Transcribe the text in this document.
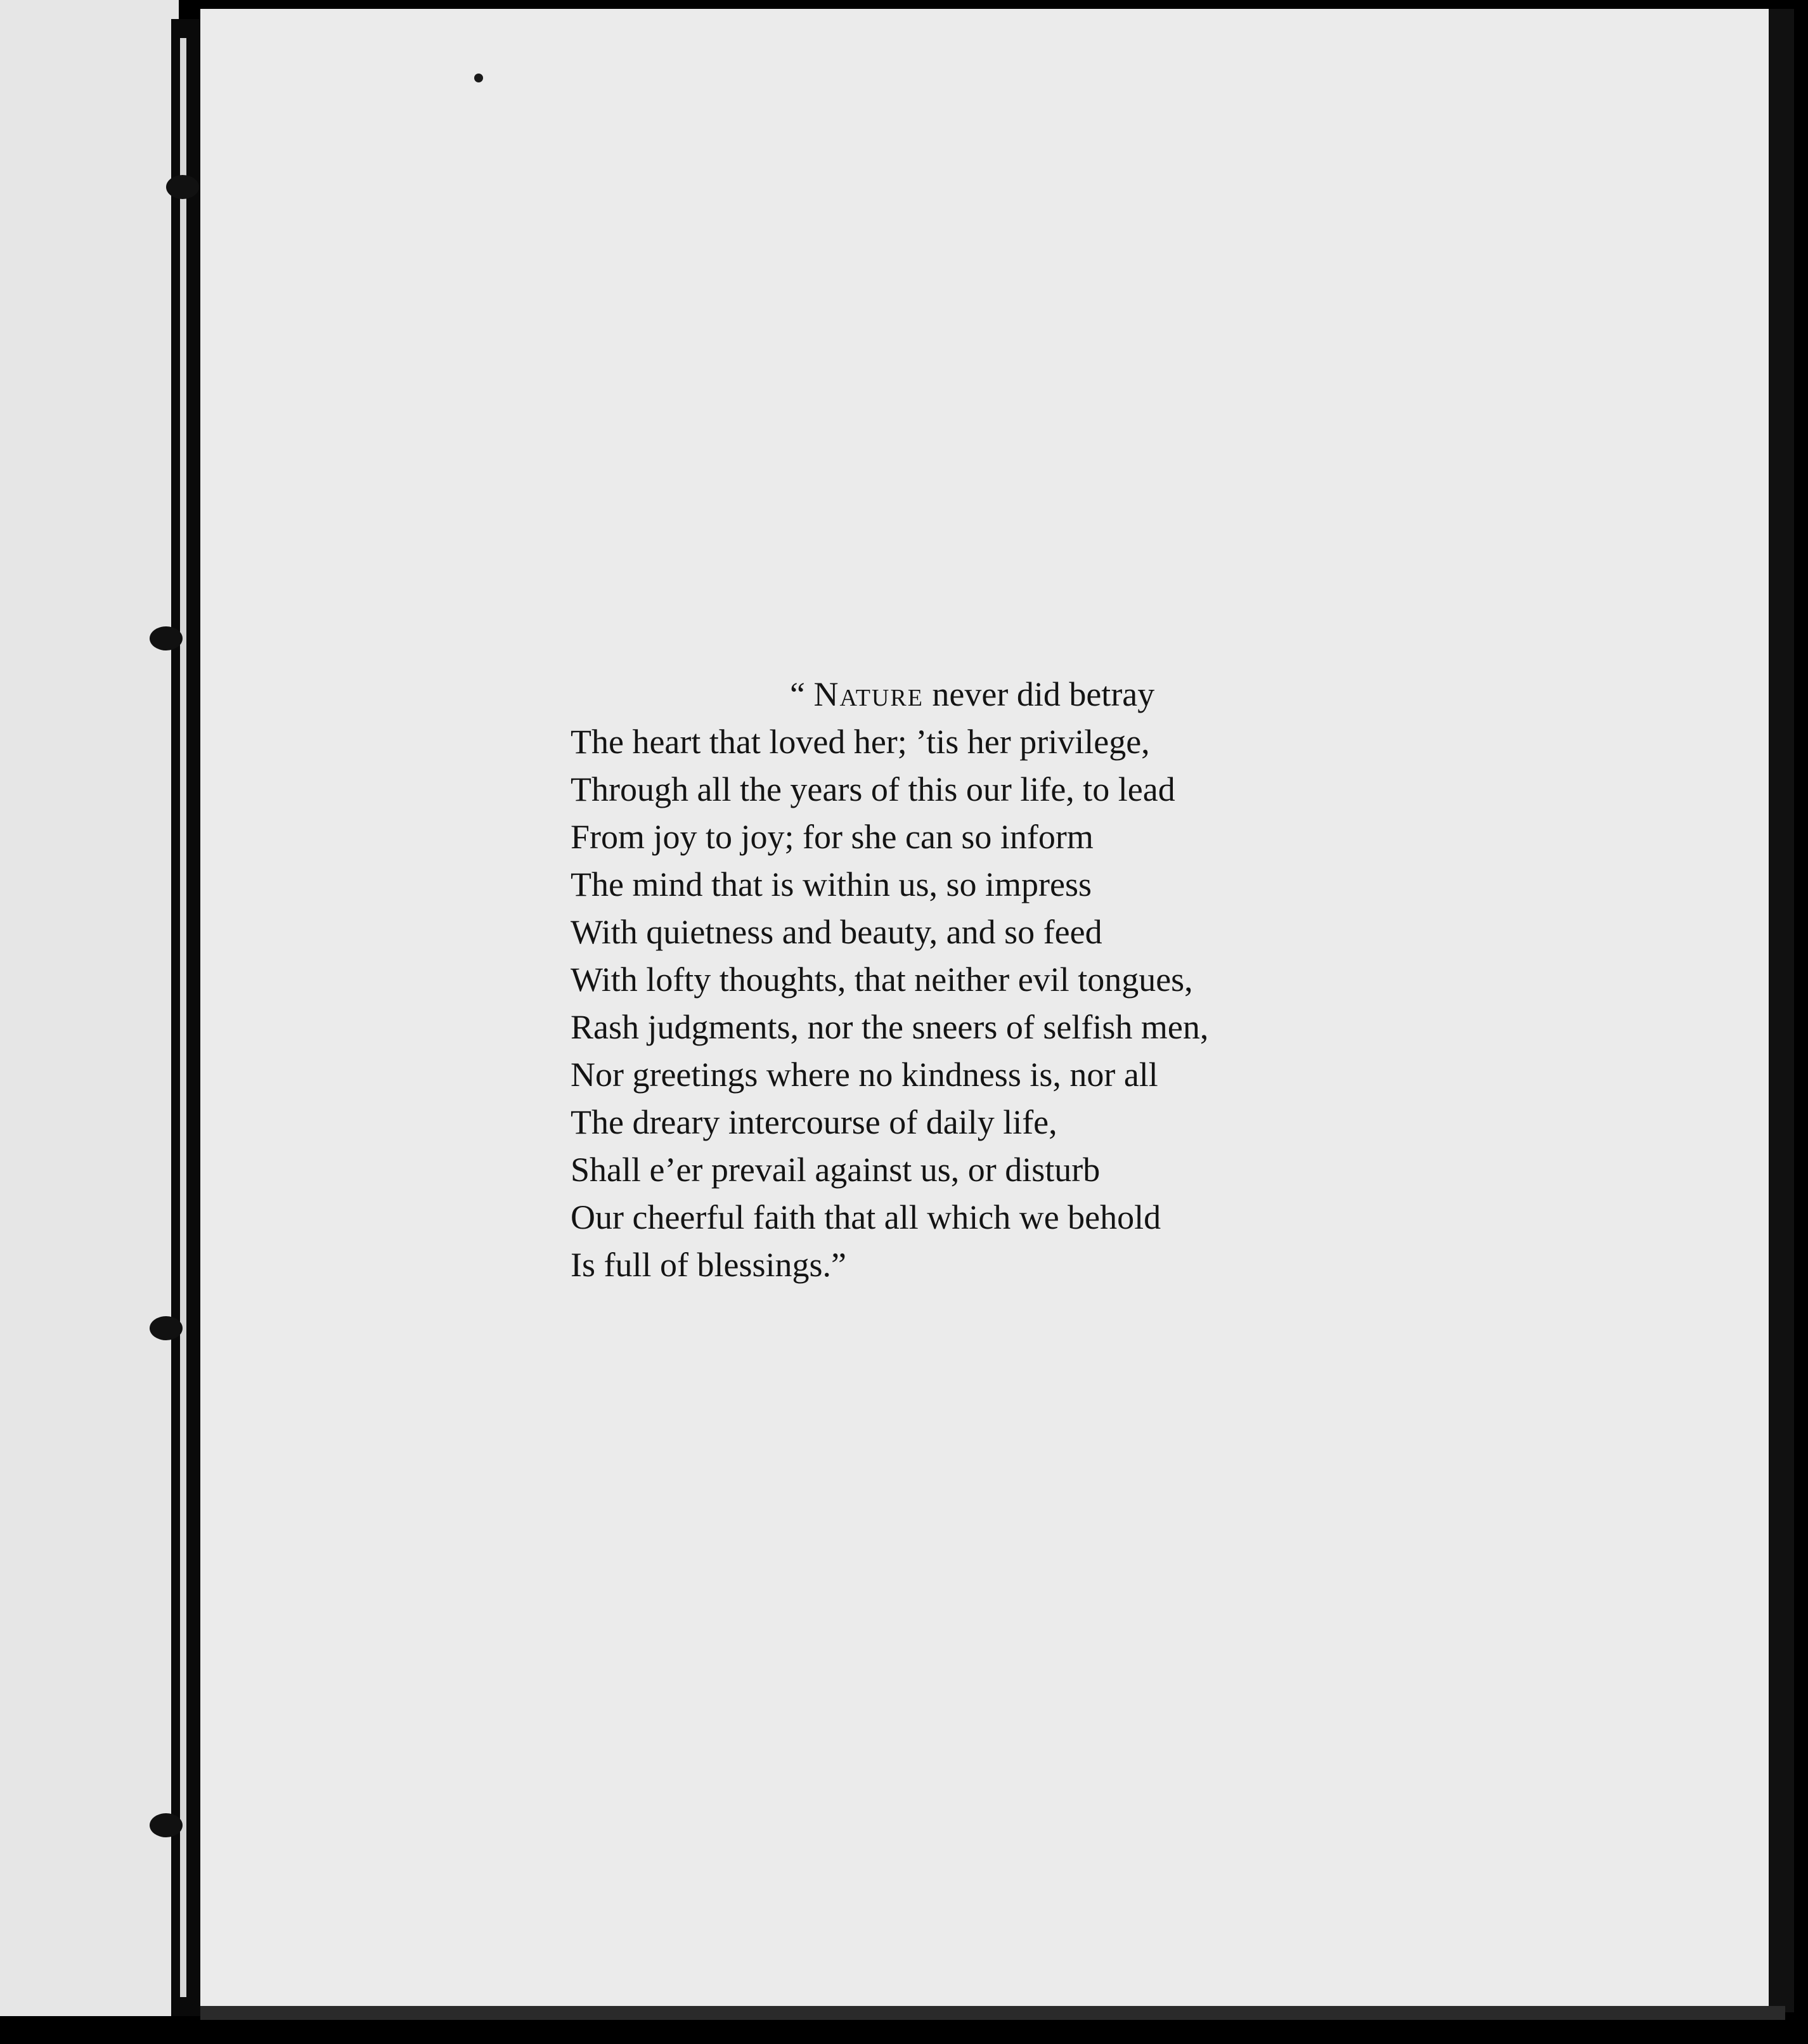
“ Nature never did betray
The heart that loved her; ’tis her privilege,
Through all the years of this our life, to lead
From joy to joy; for she can so inform
The mind that is within us, so impress
With quietness and beauty, and so feed
With lofty thoughts, that neither evil tongues,
Rash judgments, nor the sneers of selfish men,
Nor greetings where no kindness is, nor all
The dreary intercourse of daily life,
Shall e’er prevail against us, or disturb
Our cheerful faith that all which we behold
Is full of blessings.”
